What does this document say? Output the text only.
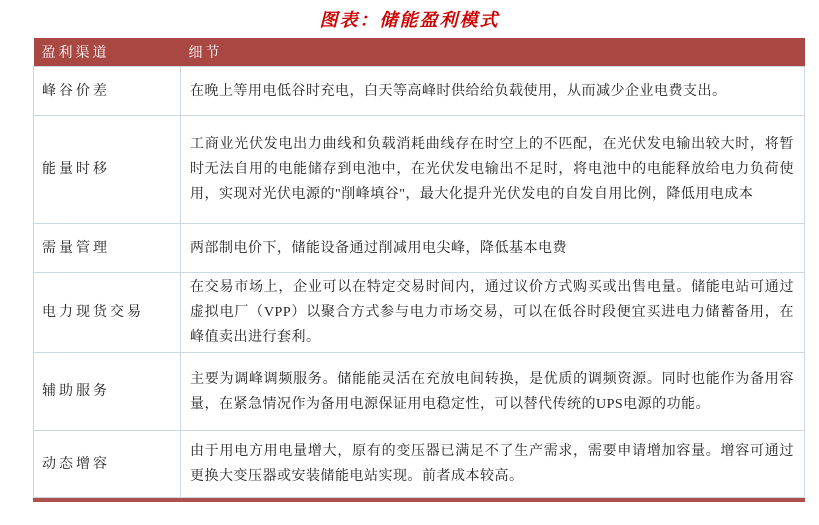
图表：储能盈利模式
盈利渠道	细节
峰谷价差	在晚上等用电低谷时充电，白天等高峰时供给给负载使用，从而减少企业电费支出。
能量时移	工商业光伏发电出力曲线和负载消耗曲线存在时空上的不匹配，在光伏发电输出较大时，将暂时无法自用的电能储存到电池中，在光伏发电输出不足时，将电池中的电能释放给电力负荷使用，实现对光伏电源的"削峰填谷"，最大化提升光伏发电的自发自用比例，降低用电成本
需量管理	两部制电价下，储能设备通过削减用电尖峰，降低基本电费
电力现货交易	在交易市场上，企业可以在特定交易时间内，通过议价方式购买或出售电量。储能电站可通过虚拟电厂（VPP）以聚合方式参与电力市场交易，可以在低谷时段便宜买进电力储蓄备用，在峰值卖出进行套利。
辅助服务	主要为调峰调频服务。储能能灵活在充放电间转换，是优质的调频资源。同时也能作为备用容量，在紧急情况作为备用电源保证用电稳定性，可以替代传统的UPS电源的功能。
动态增容	由于用电方用电量增大，原有的变压器已满足不了生产需求，需要申请增加容量。增容可通过更换大变压器或安装储能电站实现。前者成本较高。
